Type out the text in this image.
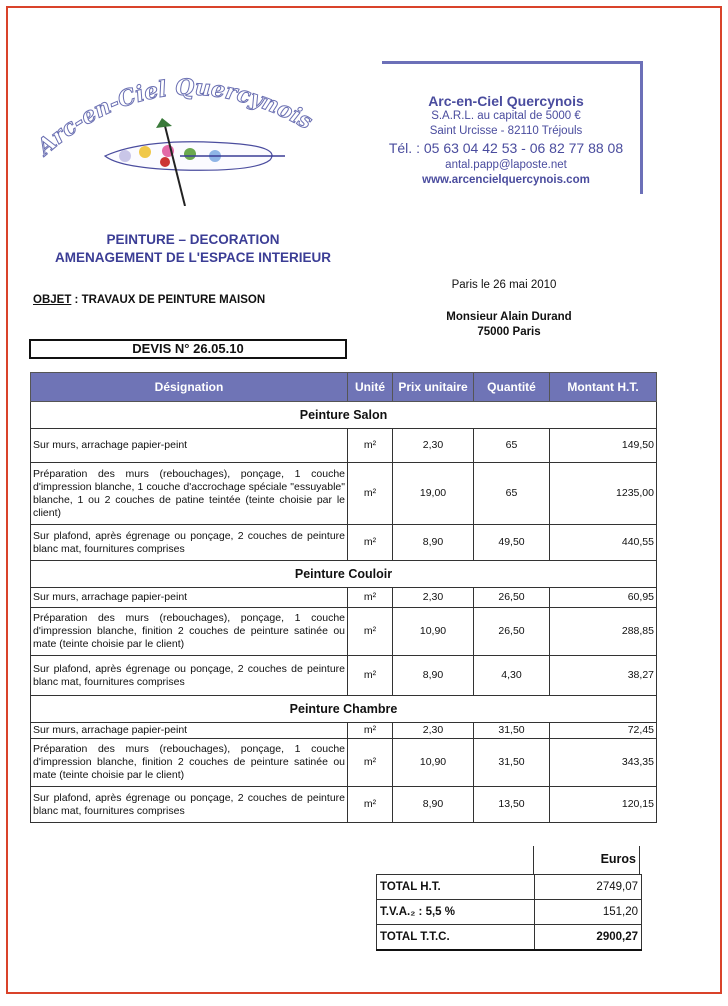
Arc-en-Ciel Quercynois
PEINTURE – DECORATION
AMENAGEMENT DE L'ESPACE INTERIEUR
Arc-en-Ciel Quercynois
S.A.R.L. au capital de 5000 €
Saint Urcisse - 82110 Tréjouls
Tél. : 05 63 04 42 53 - 06 82 77 88 08
antal.papp@laposte.net
www.arcencielquercynois.com
Paris le 26 mai 2010
OBJET : TRAVAUX DE PEINTURE MAISON
Monsieur Alain Durand
75000 Paris
DEVIS N° 26.05.10
Désignation	Unité	Prix unitaire	Quantité	Montant H.T.
Peinture Salon				
Sur murs, arrachage papier-peint	m²	2,30	65	149,50
Préparation des murs (rebouchages), ponçage, 1 couche d'impression blanche, 1 couche d'accrochage spéciale "essuyable" blanche, 1 ou 2 couches de patine teintée (teinte choisie par le client)	m²	19,00	65	1235,00
Sur plafond, après égrenage ou ponçage, 2 couches de peinture blanc mat, fournitures comprises	m²	8,90	49,50	440,55
Peinture Couloir				
Sur murs, arrachage papier-peint	m²	2,30	26,50	60,95
Préparation des murs (rebouchages), ponçage, 1 couche d'impression blanche, finition 2 couches de peinture satinée ou mate (teinte choisie par le client)	m²	10,90	26,50	288,85
Sur plafond, après égrenage ou ponçage, 2 couches de peinture blanc mat, fournitures comprises	m²	8,90	4,30	38,27
Peinture Chambre				
Sur murs, arrachage papier-peint	m²	2,30	31,50	72,45
Préparation des murs (rebouchages), ponçage, 1 couche d'impression blanche, finition 2 couches de peinture satinée ou mate (teinte choisie par le client)	m²	10,90	31,50	343,35
Sur plafond, après égrenage ou ponçage, 2 couches de peinture blanc mat, fournitures comprises	m²	8,90	13,50	120,15
Euros
TOTAL H.T.	2749,07
T.V.A.₂ : 5,5 %	151,20
TOTAL T.T.C.	2900,27
